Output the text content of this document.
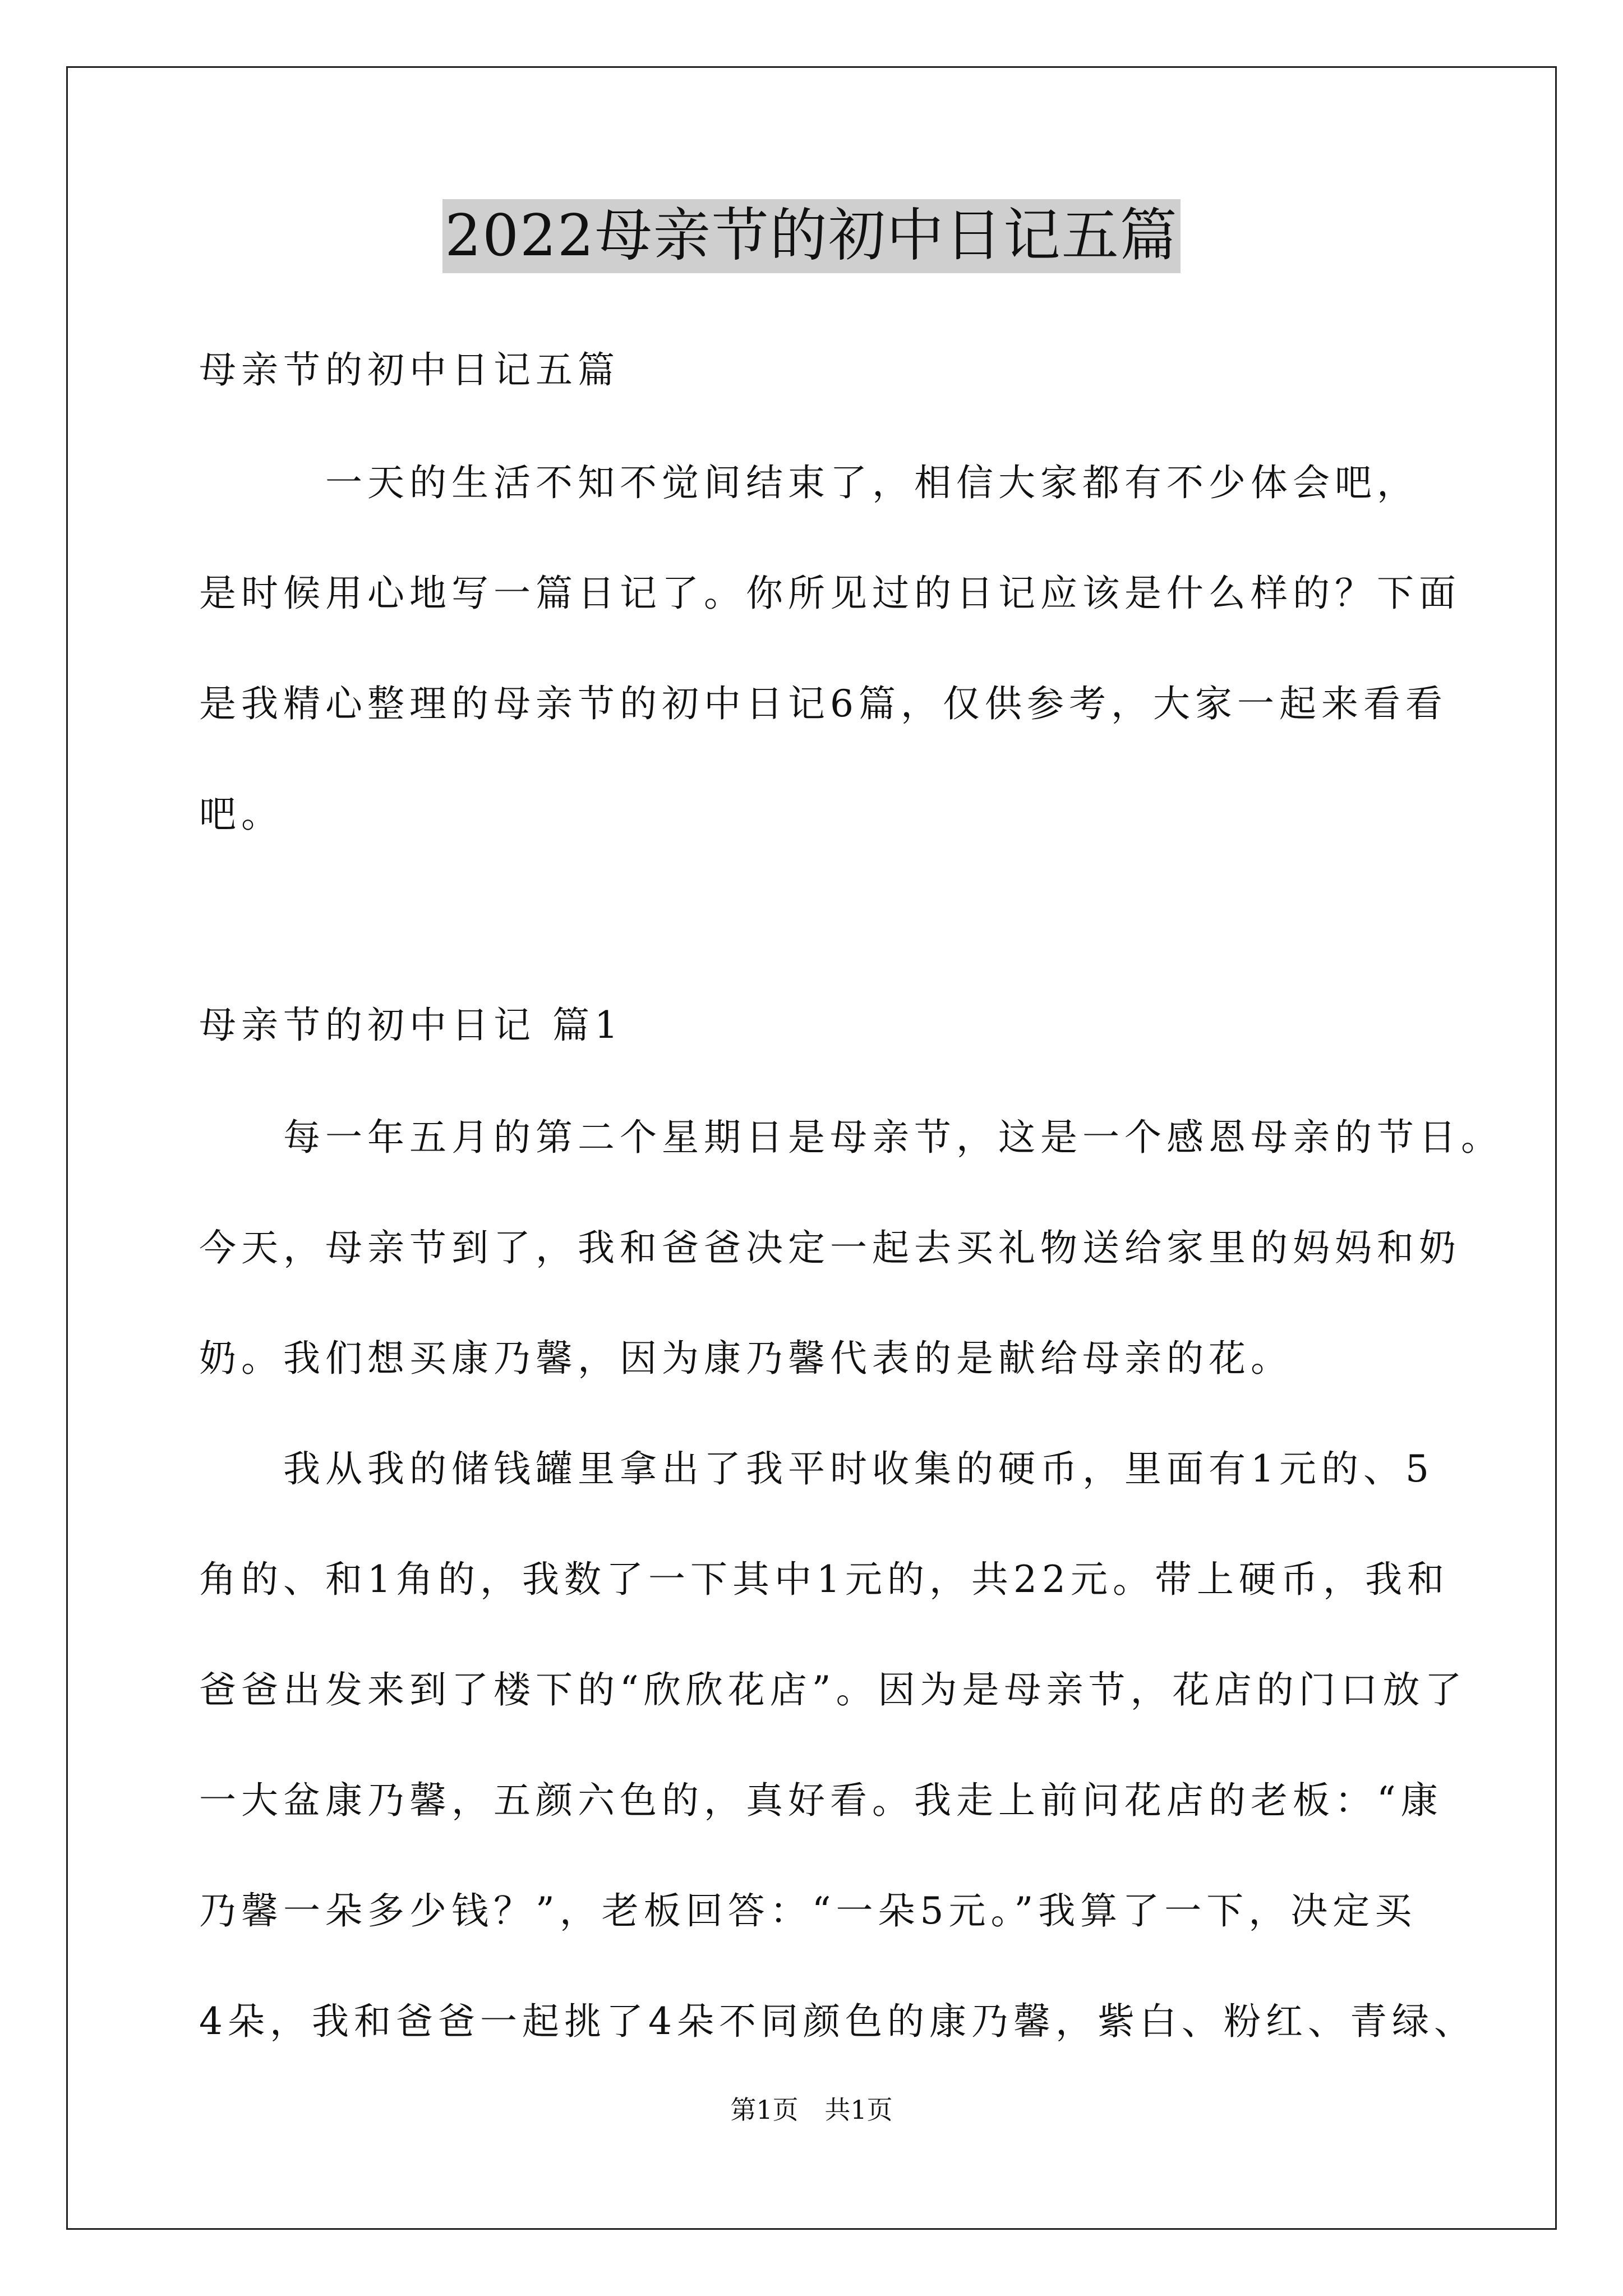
2022母亲节的初中日记五篇
母亲节的初中日记五篇
　　　一天的生活不知不觉间结束了，相信大家都有不少体会吧，
是时候用心地写一篇日记了。你所见过的日记应该是什么样的？下面
是我精心整理的母亲节的初中日记6篇，仅供参考，大家一起来看看
吧。
母亲节的初中日记 篇1
　　每一年五月的第二个星期日是母亲节，这是一个感恩母亲的节日。
今天，母亲节到了，我和爸爸决定一起去买礼物送给家里的妈妈和奶
奶。我们想买康乃馨，因为康乃馨代表的是献给母亲的花。
　　我从我的储钱罐里拿出了我平时收集的硬币，里面有1元的、5
角的、和1角的，我数了一下其中1元的，共22元。带上硬币，我和
爸爸出发来到了楼下的“欣欣花店”。因为是母亲节，花店的门口放了
一大盆康乃馨，五颜六色的，真好看。我走上前问花店的老板：“康
乃馨一朵多少钱？”，老板回答：“一朵5元。”我算了一下，决定买
4朵，我和爸爸一起挑了4朵不同颜色的康乃馨，紫白、粉红、青绿、
第1页 共1页
